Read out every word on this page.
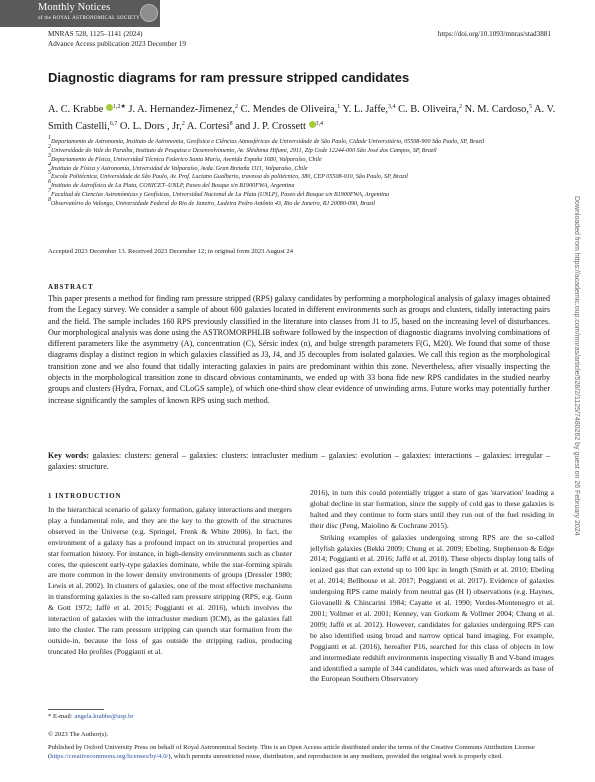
Monthly Notices
of the ROYAL ASTRONOMICAL SOCIETY
MNRAS 528, 1125–1141 (2024)
Advance Access publication 2023 December 19
https://doi.org/10.1093/mnras/stad3881
Diagnostic diagrams for ram pressure stripped candidates
A. C. Krabbe $^{1,2★}$ J. A. Hernandez-Jimenez,$^2$ C. Mendes de Oliveira,$^1$ Y. L. Jaffe,$^{3,4}$ C. B. Oliveira,$^2$ N. M. Cardoso,$^5$ A. V. Smith Castelli,$^{6,7}$ O. L. Dors , Jr,$^2$ A. Cortesi$^8$ and J. P. Crossett $^{3,4}$
$^1$Departamento de Astronomia, Instituto de Astronomia, Geofísica e Ciências Atmosféricas da Universidade de São Paulo, Cidade Universitária, 05508-900 São Paulo, SP, Brazil
$^2$Universidade do Vale do Paraíba, Instituto de Pesquisa e Desenvolvimento, Av. Shishima Hifumi, 2911, Zip Code 12244-000 São José dos Campos, SP, Brazil
$^3$Departamento de Física, Universidad Técnica Federico Santa María, Avenida España 1680, Valparaíso, Chile
$^4$Instituto de Física y Astronomía, Universidad de Valparaíso, Avda. Gran Bretaña 1111, Valparaíso, Chile
$^5$Escola Politécnica, Universidade de São Paulo, Av. Prof. Luciano Gualberto, travessa do politécnico, 380, CEP 05508-010, São Paulo, SP, Brazil
$^6$Instituto de Astrofísica de La Plata, CONICET–UNLP, Paseo del Bosque s/n B1900FWA, Argentina
$^7$Facultad de Ciencias Astronómicas y Geofísicas, Universidad Nacional de La Plata (UNLP), Paseo del Bosque s/n B1900FWA, Argentina
$^8$Observatório do Valongo, Universidade Federal do Rio de Janeiro, Ladeira Pedro Antônio 43, Rio de Janeiro, RJ 20080-090, Brazil
Accepted 2023 December 13. Received 2023 December 12; in original form 2023 August 24
ABSTRACT

This paper presents a method for finding ram pressure stripped (RPS) galaxy candidates by performing a morphological analysis of galaxy images obtained from the Legacy survey. We consider a sample of about 600 galaxies located in different environments such as groups and clusters, tidally interacting pairs and the field. The sample includes 160 RPS previously classified in the literature into classes from J1 to J5, based on the increasing level of disturbances. Our morphological analysis was done using the ASTROMORPHLIB software followed by the inspection of diagnostic diagrams involving combinations of different parameters like the asymmetry (A), concentration (C), Sérsic index (n), and bulge strength parameters F(G, M20). We found that some of those diagrams display a distinct region in which galaxies classified as J3, J4, and J5 decouples from isolated galaxies. We call this region as the morphological transition zone and we also found that tidally interacting galaxies in pairs are predominant within this zone. Nevertheless, after visually inspecting the objects in the morphological transition zone to discard obvious contaminants, we ended up with 33 bona fide new RPS candidates in the studied nearby groups and clusters (Hydra, Fornax, and CLoGS sample), of which one-third show clear evidence of unwinding arms. Future works may potentially further increase significantly the samples of known RPS using such method.

Key words: galaxies: clusters: general – galaxies: clusters: intracluster medium – galaxies: evolution – galaxies: interactions – galaxies: irregular – galaxies: structure.

1 INTRODUCTION
In the hierarchical scenario of galaxy formation, galaxy interactions and mergers play a fundamental role, and they are the key to the growth of the structures observed in the Universe (e.g. Springel, Frenk & White 2006). In fact, the environment of a galaxy has a profound impact on its structural properties and star formation history. For instance, in high-density environments such as cluster cores, the quiescent early-type galaxies dominate, while the star-forming spirals are more common in the lower density environments of groups (Dressler 1980; Lewis et al. 2002). In clusters of galaxies, one of the most effective mechanisms in transforming galaxies is the so-called ram pressure stripping (RPS, e.g. Gunn & Gott 1972; Jaffé et al. 2015; Poggianti et al. 2016), which involves the interaction of galaxies with the intracluster medium (ICM), as the galaxies fall into the cluster. The ram pressure stripping can quench star formation from the outside-in, because the loss of gas outside the stripping radius, producing truncated Hα profiles (Poggianti et al.
2016), in turn this could potentially trigger a state of gas 'starvation' leading a global decline in star formation, since the supply of cold gas to these galaxies is halted and they continue to form stars until they run out of the fuel residing in their disc (Peng, Maiolino & Cochrane 2015).
Striking examples of galaxies undergoing strong RPS are the so-called jellyfish galaxies (Bekki 2009; Chung et al. 2009; Ebeling, Stephenson & Edge 2014; Poggianti et al. 2016; Jaffé et al. 2018). These objects display long tails of ionized gas that can extend up to 100 kpc in length (Smith et al. 2010; Ebeling et al. 2014; Bellhouse et al. 2017; Poggianti et al. 2017). Evidence of galaxies undergoing RPS came mainly from neutral gas (H I) observations (e.g. Haynes, Giovanelli & Chincarini 1984; Cayatte et al. 1990; Verdes-Montenegro et al. 2001; Vollmer et al. 2001; Kenney, van Gorkom & Vollmer 2004; Chung et al. 2009; Jaffé et al. 2012). However, candidates for galaxies undergoing RPS can be also identified using broad and narrow optical band imaging. For example, Poggianti et al. (2016), hereafter P16, searched for this class of objects in low and intermediate redshift environments inspecting visually B and V-band images and identified a sample of 344 candidates, which was used afterwards as base of the European Southern Observatory
* E-mail: angela.krabbe@usp.br
© 2023 The Author(s).
Published by Oxford University Press on behalf of Royal Astronomical Society. This is an Open Access article distributed under the terms of the Creative Commons Attribution License (https://creativecommons.org/licenses/by/4.0/), which permits unrestricted reuse, distribution, and reproduction in any medium, provided the original work is properly cited.
Downloaded from https://academic.oup.com/mnras/article/528/2/1125/7480262 by guest on 26 February 2024
